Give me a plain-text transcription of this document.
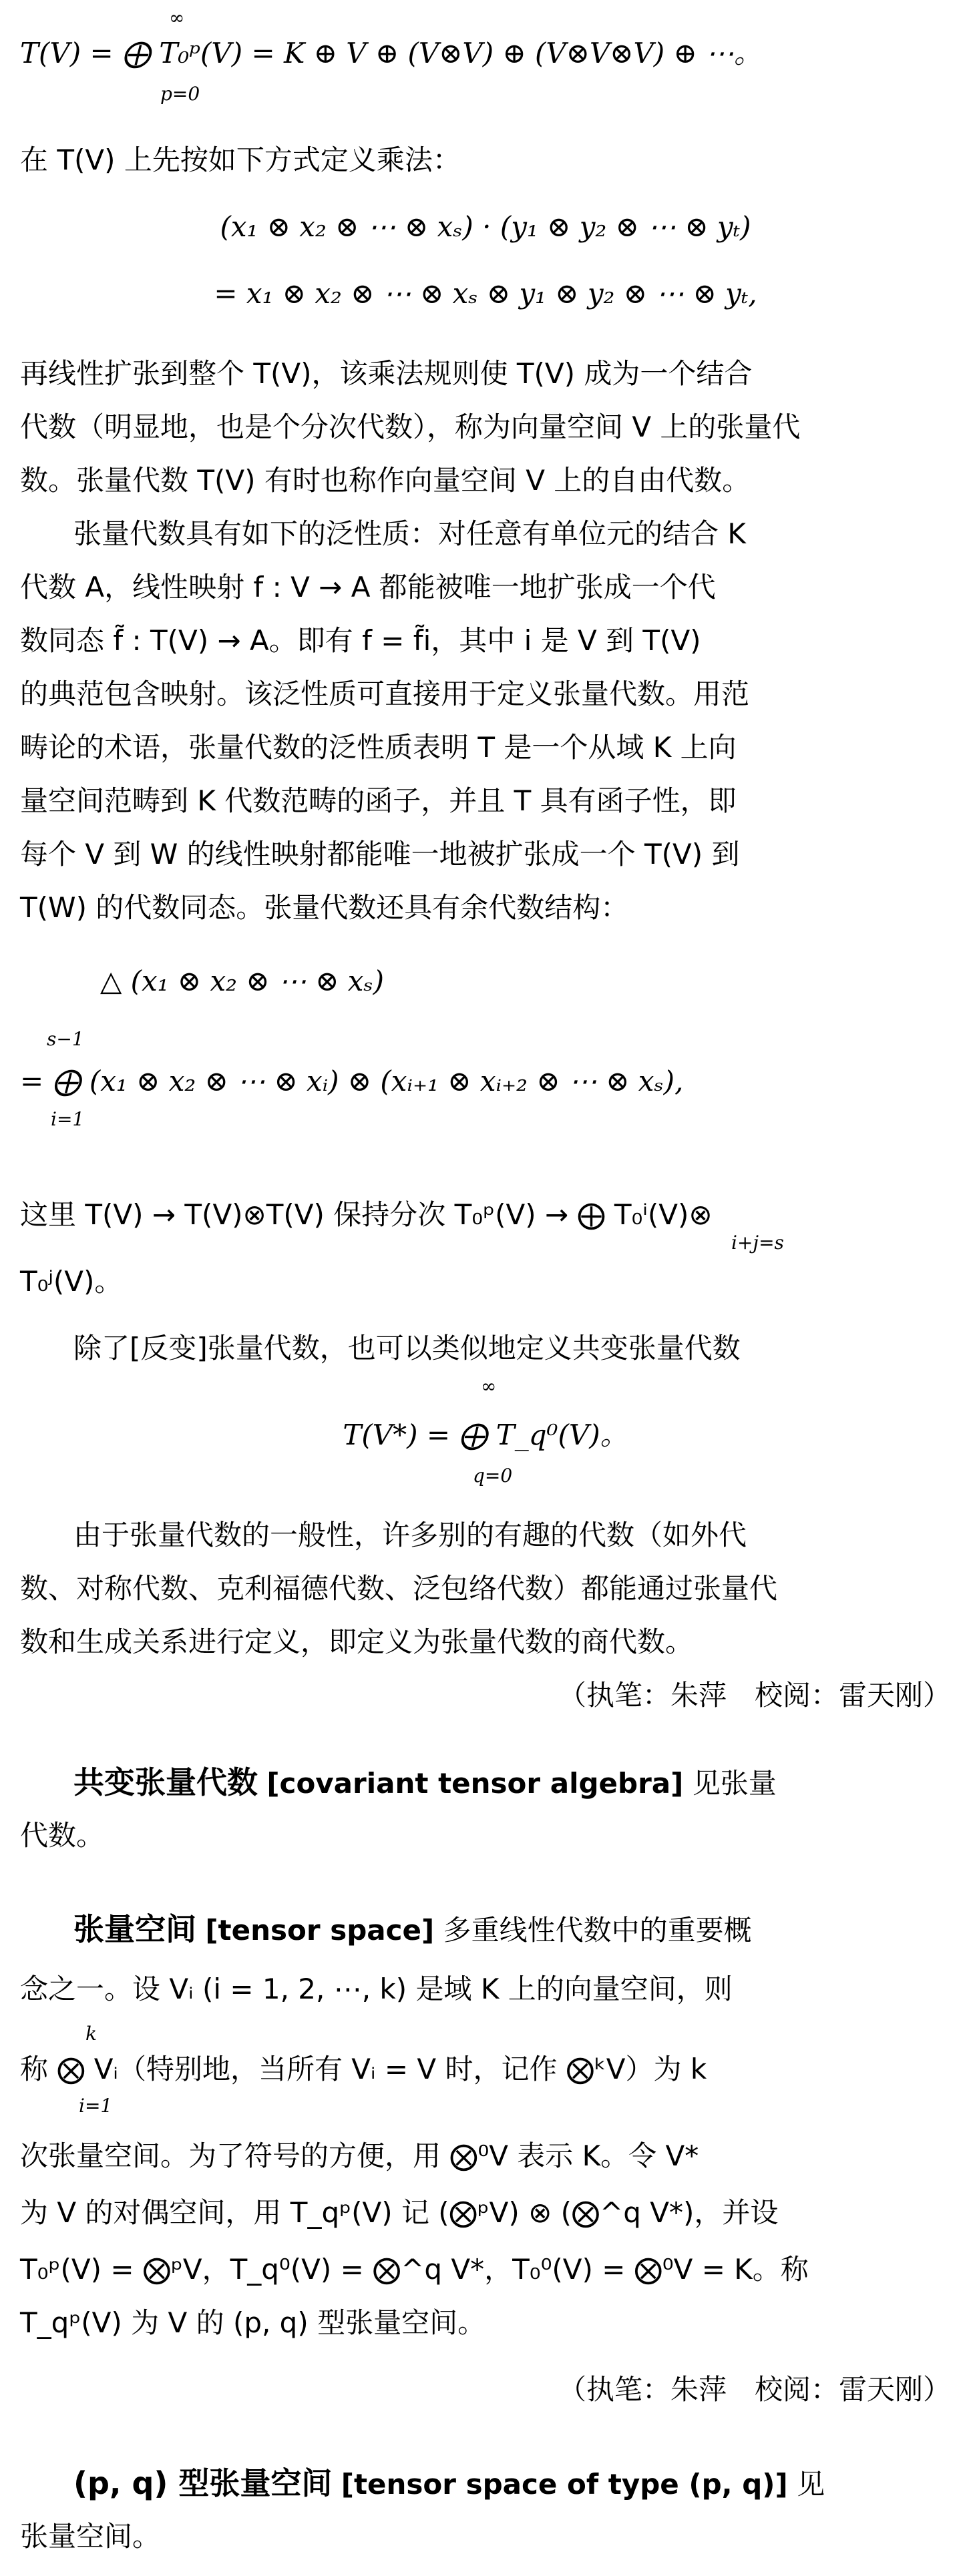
T(V) = ⨁ T₀ᵖ(V) = K ⊕ V ⊕ (V⊗V) ⊕ (V⊗V⊗V) ⊕ ⋯。
∞
p=0
在 T(V) 上先按如下方式定义乘法：
(x₁ ⊗ x₂ ⊗ ⋯ ⊗ xₛ) · (y₁ ⊗ y₂ ⊗ ⋯ ⊗ yₜ)
= x₁ ⊗ x₂ ⊗ ⋯ ⊗ xₛ ⊗ y₁ ⊗ y₂ ⊗ ⋯ ⊗ yₜ,
再线性扩张到整个 T(V)，该乘法规则使 T(V) 成为一个结合
代数（明显地，也是个分次代数），称为向量空间 V 上的张量代
数。张量代数 T(V) 有时也称作向量空间 V 上的自由代数。
张量代数具有如下的泛性质：对任意有单位元的结合 K
代数 A，线性映射 f : V → A 都能被唯一地扩张成一个代
数同态 f̃ : T(V) → A。即有 f = f̃i，其中 i 是 V 到 T(V)
的典范包含映射。该泛性质可直接用于定义张量代数。用范
畴论的术语，张量代数的泛性质表明 T 是一个从域 K 上向
量空间范畴到 K 代数范畴的函子，并且 T 具有函子性，即
每个 V 到 W 的线性映射都能唯一地被扩张成一个 T(V) 到
T(W) 的代数同态。张量代数还具有余代数结构：
△ (x₁ ⊗ x₂ ⊗ ⋯ ⊗ xₛ)
= ⨁ (x₁ ⊗ x₂ ⊗ ⋯ ⊗ xᵢ) ⊗ (xᵢ₊₁ ⊗ xᵢ₊₂ ⊗ ⋯ ⊗ xₛ),
s−1
i=1
这里 T(V) → T(V)⊗T(V) 保持分次 T₀ᵖ(V) → ⨁ T₀ⁱ(V)⊗
i+j=s
T₀ʲ(V)。
除了[反变]张量代数，也可以类似地定义共变张量代数
T(V*) = ⨁ T_q⁰(V)。
∞
q=0
由于张量代数的一般性，许多别的有趣的代数（如外代
数、对称代数、克利福德代数、泛包络代数）都能通过张量代
数和生成关系进行定义，即定义为张量代数的商代数。
（执笔：朱萍　校阅：雷天刚）
共变张量代数 [covariant tensor algebra] 见张量
代数。
张量空间 [tensor space] 多重线性代数中的重要概
念之一。设 Vᵢ (i = 1, 2, ⋯, k) 是域 K 上的向量空间，则
称 ⨂ Vᵢ（特别地，当所有 Vᵢ = V 时，记作 ⨂ᵏV）为 k
k
i=1
次张量空间。为了符号的方便，用 ⨂⁰V 表示 K。令 V*
为 V 的对偶空间，用 T_qᵖ(V) 记 (⨂ᵖV) ⊗ (⨂^q V*)，并设
T₀ᵖ(V) = ⨂ᵖV，T_q⁰(V) = ⨂^q V*，T₀⁰(V) = ⨂⁰V = K。称
T_qᵖ(V) 为 V 的 (p, q) 型张量空间。
（执笔：朱萍　校阅：雷天刚）
(p, q) 型张量空间 [tensor space of type (p, q)] 见
张量空间。
